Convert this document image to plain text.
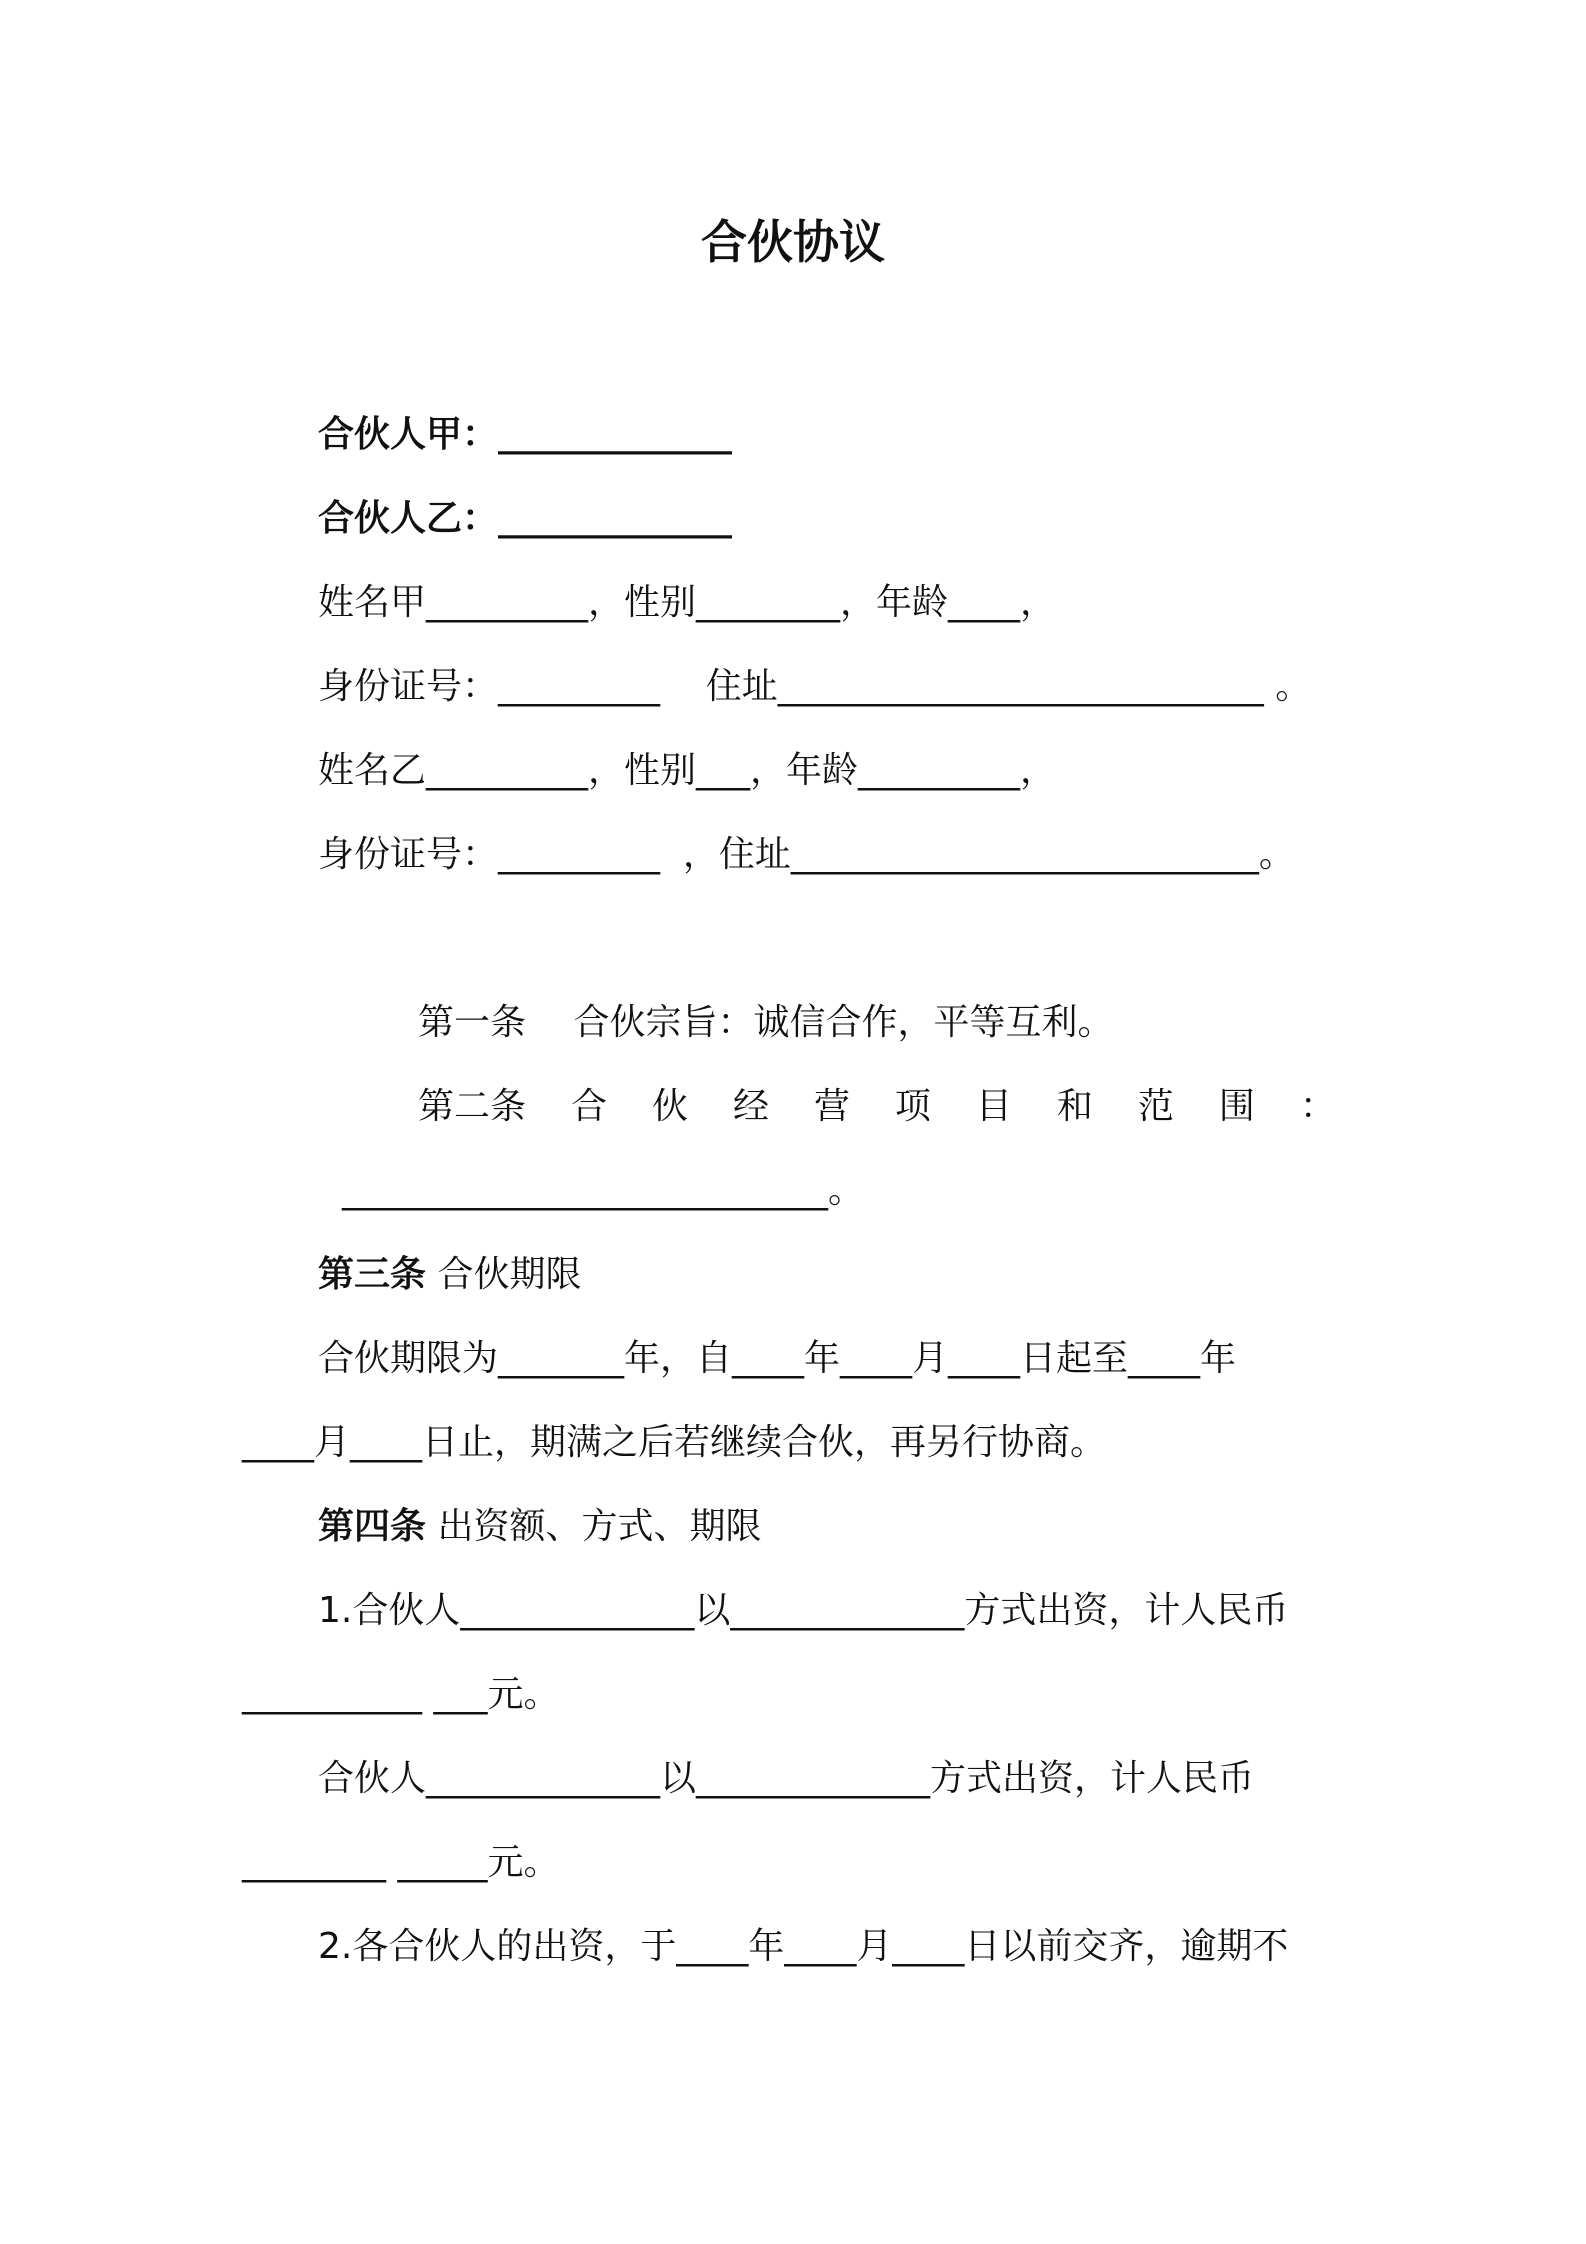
合伙协议
合伙人甲：_____________
合伙人乙：_____________
姓名甲_________，性别________，年龄____，
身份证号：_________    住址___________________________ 。
姓名乙_________，性别___，年龄_________，
身份证号：_________  ，住址__________________________。
第一条　 合伙宗旨：诚信合作，平等互利。
第二条 合 伙 经 营 项 目 和 范 围 ：
___________________________。
第三条 合伙期限
合伙期限为_______年，自____年____月____日起至____年
____月____日止，期满之后若继续合伙，再另行协商。
第四条 出资额、方式、期限
1.合伙人_____________以_____________方式出资，计人民币
__________ ___元。
合伙人_____________以_____________方式出资，计人民币
________ _____元。
2.各合伙人的出资，于____年____月____日以前交齐，逾期不
